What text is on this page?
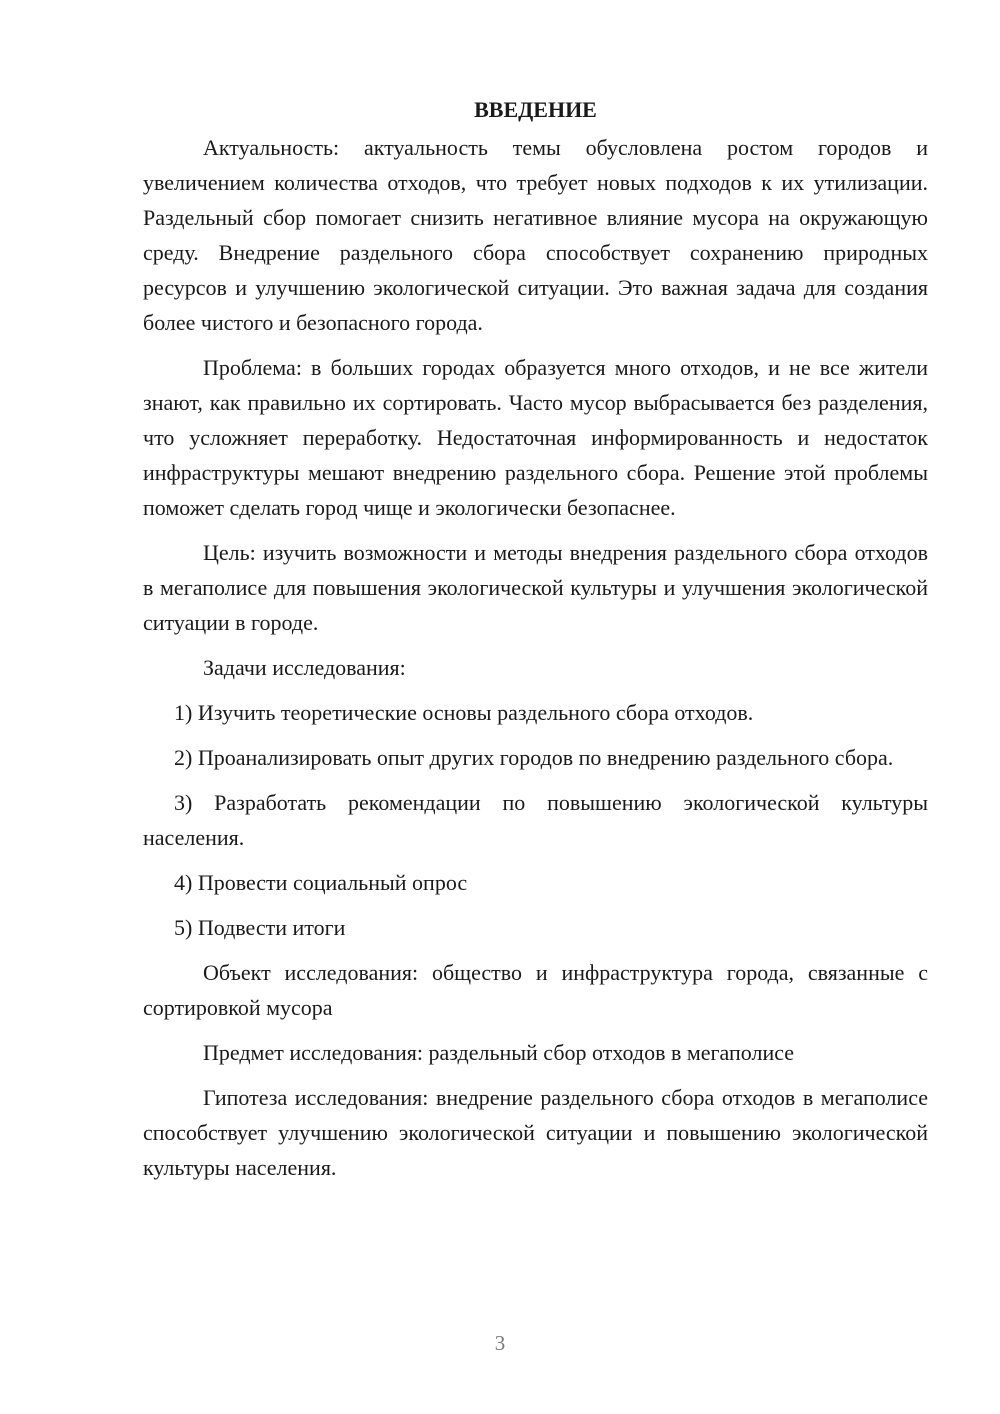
ВВЕДЕНИЕ

Актуальность: актуальность темы обусловлена ростом городов и увеличением количества отходов, что требует новых подходов к их утилизации. Раздельный сбор помогает снизить негативное влияние мусора на окружающую среду. Внедрение раздельного сбора способствует сохранению природных ресурсов и улучшению экологической ситуации. Это важная задача для создания более чистого и безопасного города.

Проблема: в больших городах образуется много отходов, и не все жители знают, как правильно их сортировать. Часто мусор выбрасывается без разделения, что усложняет переработку. Недостаточная информированность и недостаток инфраструктуры мешают внедрению раздельного сбора. Решение этой проблемы поможет сделать город чище и экологически безопаснее.

Цель: изучить возможности и методы внедрения раздельного сбора отходов в мегаполисе для повышения экологической культуры и улучшения экологической ситуации в городе.

Задачи исследования:

1) Изучить теоретические основы раздельного сбора отходов.

2) Проанализировать опыт других городов по внедрению раздельного сбора.

3) Разработать рекомендации по повышению экологической культуры населения.

4) Провести социальный опрос

5) Подвести итоги

Объект исследования: общество и инфраструктура города, связанные с сортировкой мусора

Предмет исследования: раздельный сбор отходов в мегаполисе

Гипотеза исследования: внедрение раздельного сбора отходов в мегаполисе способствует улучшению экологической ситуации и повышению экологической культуры населения.

3
